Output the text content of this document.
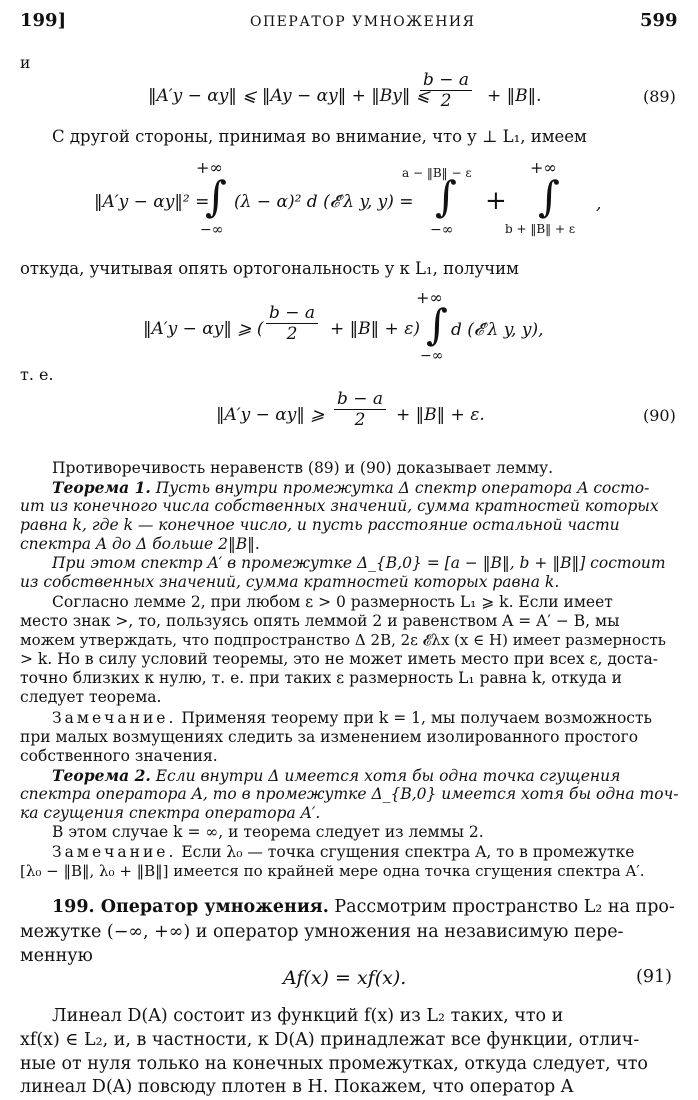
199]	ОПЕРАТОР УМНОЖЕНИЯ	599
и
‖A′y − αy‖ ⩽ ‖Ay − αy‖ + ‖By‖ ⩽
$\frac{b - a}{2}$ + ‖B‖.	(89)
С другой стороны, принимая во внимание, что y ⊥ L₁, имеем
‖A′y − αy‖² =
+∞
∫
−∞
(λ − α)² d (𝓔′λ y, y) =
a − ‖B‖ − ε
∫
−∞
+
+∞
∫
b + ‖B‖ + ε
,
откуда, учитывая опять ортогональность y к L₁, получим
‖A′y − αy‖ ⩾ ( $\frac{b - a}{2}$ + ‖B‖ + ε)
+∞
∫
−∞
d (𝓔′λ y, y),
т. е.
‖A′y − αy‖ ⩾ $\frac{b - a}{2}$ + ‖B‖ + ε.	(90)
Противоречивость неравенств (89) и (90) доказывает лемму.
Теорема 1. Пусть внутри промежутка Δ спектр оператора A состо-
ит из конечного числа собственных значений, сумма кратностей которых
равна k, где k — конечное число, и пусть расстояние остальной части
спектра A до Δ больше 2‖B‖.
При этом спектр A′ в промежутке Δ_{B,0} = [a − ‖B‖, b + ‖B‖] состоит
из собственных значений, сумма кратностей которых равна k.
Согласно лемме 2, при любом ε > 0 размерность L₁ ⩾ k. Если имеет
место знак >, то, пользуясь опять леммой 2 и равенством A = A′ − B, мы
можем утверждать, что подпространство Δ 2B, 2ε 𝓔λx (x ∈ H) имеет размерность
> k. Но в силу условий теоремы, это не может иметь место при всех ε, доста-
точно близких к нулю, т. е. при таких ε размерность L₁ равна k, откуда и
следует теорема.
Замечание. Применяя теорему при k = 1, мы получаем возможность
при малых возмущениях следить за изменением изолированного простого
собственного значения.
Теорема 2. Если внутри Δ имеется хотя бы одна точка сгущения
спектра оператора A, то в промежутке Δ_{B,0} имеется хотя бы одна точ-
ка сгущения спектра оператора A′.
В этом случае k = ∞, и теорема следует из леммы 2.
Замечание. Если λ₀ — точка сгущения спектра A, то в промежутке
[λ₀ − ‖B‖, λ₀ + ‖B‖] имеется по крайней мере одна точка сгущения спектра A′.
199. Оператор умножения. Рассмотрим пространство L₂ на про-
межутке (−∞, +∞) и оператор умножения на независимую пере-
менную
Af(x) = xf(x).	(91)
Линеал D(A) состоит из функций f(x) из L₂ таких, что и
xf(x) ∈ L₂, и, в частности, к D(A) принадлежат все функции, отлич-
ные от нуля только на конечных промежутках, откуда следует, что
линеал D(A) повсюду плотен в H. Покажем, что оператор A
